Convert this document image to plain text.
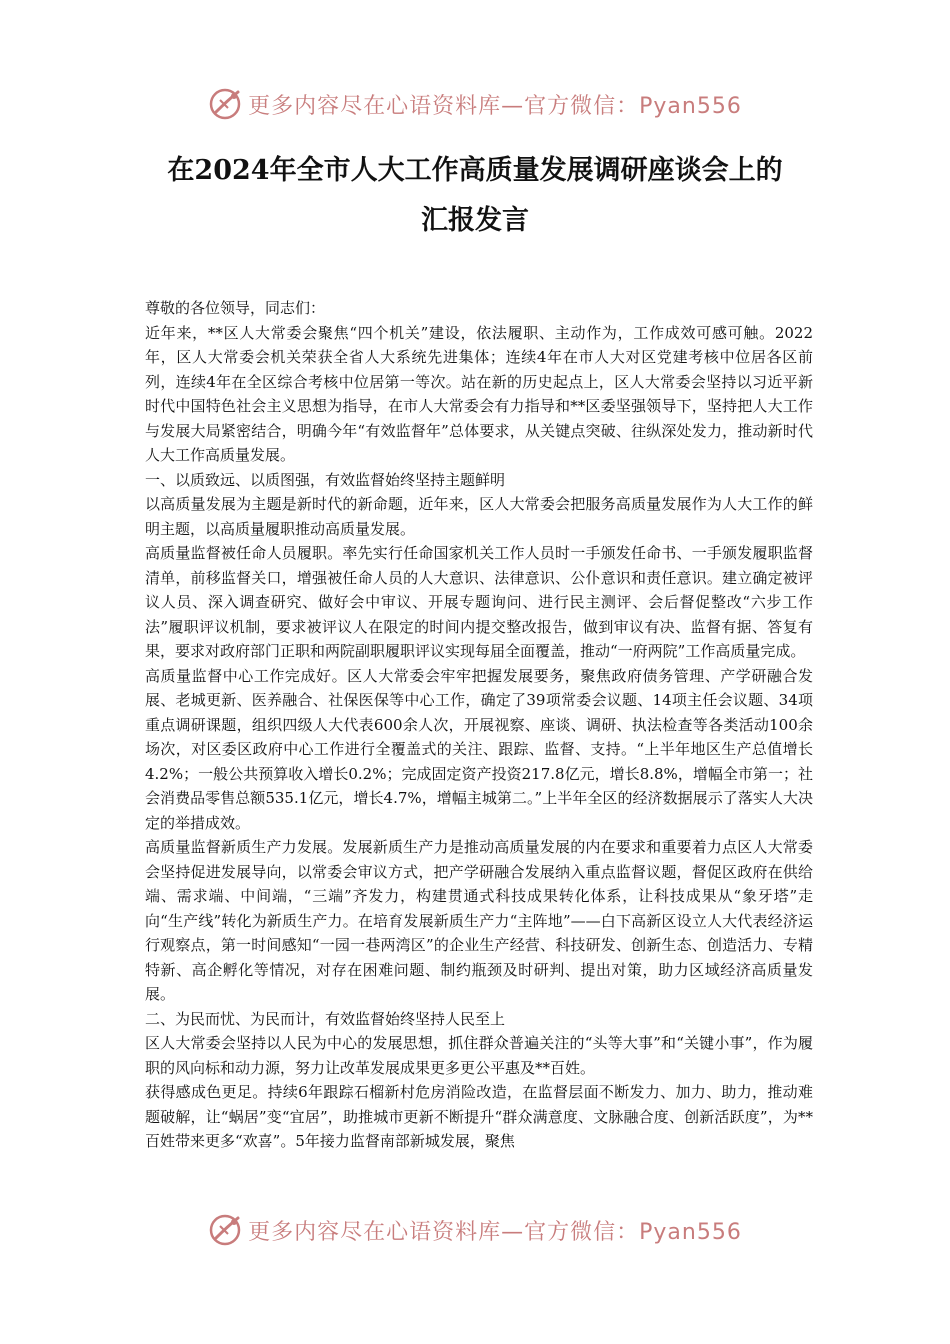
更多内容尽在心语资料库—官方微信：Pyan556
在2024年全市人大工作高质量发展调研座谈会上的
汇报发言

尊敬的各位领导，同志们：

近年来，**区人大常委会聚焦“四个机关”建设，依法履职、主动作为，工作成效可感可触。2022年，区人大常委会机关荣获全省人大系统先进集体；连续4年在市人大对区党建考核中位居各区前列，连续4年在全区综合考核中位居第一等次。站在新的历史起点上，区人大常委会坚持以习近平新时代中国特色社会主义思想为指导，在市人大常委会有力指导和**区委坚强领导下，坚持把人大工作与发展大局紧密结合，明确今年“有效监督年”总体要求，从关键点突破、往纵深处发力，推动新时代人大工作高质量发展。

一、以质致远、以质图强，有效监督始终坚持主题鲜明

以高质量发展为主题是新时代的新命题，近年来，区人大常委会把服务高质量发展作为人大工作的鲜明主题，以高质量履职推动高质量发展。

高质量监督被任命人员履职。率先实行任命国家机关工作人员时一手颁发任命书、一手颁发履职监督清单，前移监督关口，增强被任命人员的人大意识、法律意识、公仆意识和责任意识。建立确定被评议人员、深入调查研究、做好会中审议、开展专题询问、进行民主测评、会后督促整改“六步工作法”履职评议机制，要求被评议人在限定的时间内提交整改报告，做到审议有决、监督有据、答复有果，要求对政府部门正职和两院副职履职评议实现每届全面覆盖，推动“一府两院”工作高质量完成。

高质量监督中心工作完成好。区人大常委会牢牢把握发展要务，聚焦政府债务管理、产学研融合发展、老城更新、医养融合、社保医保等中心工作，确定了39项常委会议题、14项主任会议题、34项重点调研课题，组织四级人大代表600余人次，开展视察、座谈、调研、执法检查等各类活动100余场次，对区委区政府中心工作进行全覆盖式的关注、跟踪、监督、支持。“上半年地区生产总值增长4.2%；一般公共预算收入增长0.2%；完成固定资产投资217.8亿元，增长8.8%，增幅全市第一；社会消费品零售总额535.1亿元，增长4.7%，增幅主城第二。”上半年全区的经济数据展示了落实人大决定的举措成效。

高质量监督新质生产力发展。发展新质生产力是推动高质量发展的内在要求和重要着力点区人大常委会坚持促进发展导向，以常委会审议方式，把产学研融合发展纳入重点监督议题，督促区政府在供给端、需求端、中间端，“三端”齐发力，构建贯通式科技成果转化体系，让科技成果从“象牙塔”走向“生产线”转化为新质生产力。在培育发展新质生产力“主阵地”——白下高新区设立人大代表经济运行观察点，第一时间感知“一园一巷两湾区”的企业生产经营、科技研发、创新生态、创造活力、专精特新、高企孵化等情况，对存在困难问题、制约瓶颈及时研判、提出对策，助力区域经济高质量发展。

二、为民而忧、为民而计，有效监督始终坚持人民至上

区人大常委会坚持以人民为中心的发展思想，抓住群众普遍关注的“头等大事”和“关键小事”，作为履职的风向标和动力源，努力让改革发展成果更多更公平惠及**百姓。

获得感成色更足。持续6年跟踪石榴新村危房消险改造，在监督层面不断发力、加力、助力，推动难题破解，让“蜗居”变“宜居”，助推城市更新不断提升“群众满意度、文脉融合度、创新活跃度”，为**百姓带来更多“欢喜”。5年接力监督南部新城发展，聚焦

更多内容尽在心语资料库—官方微信：Pyan556
